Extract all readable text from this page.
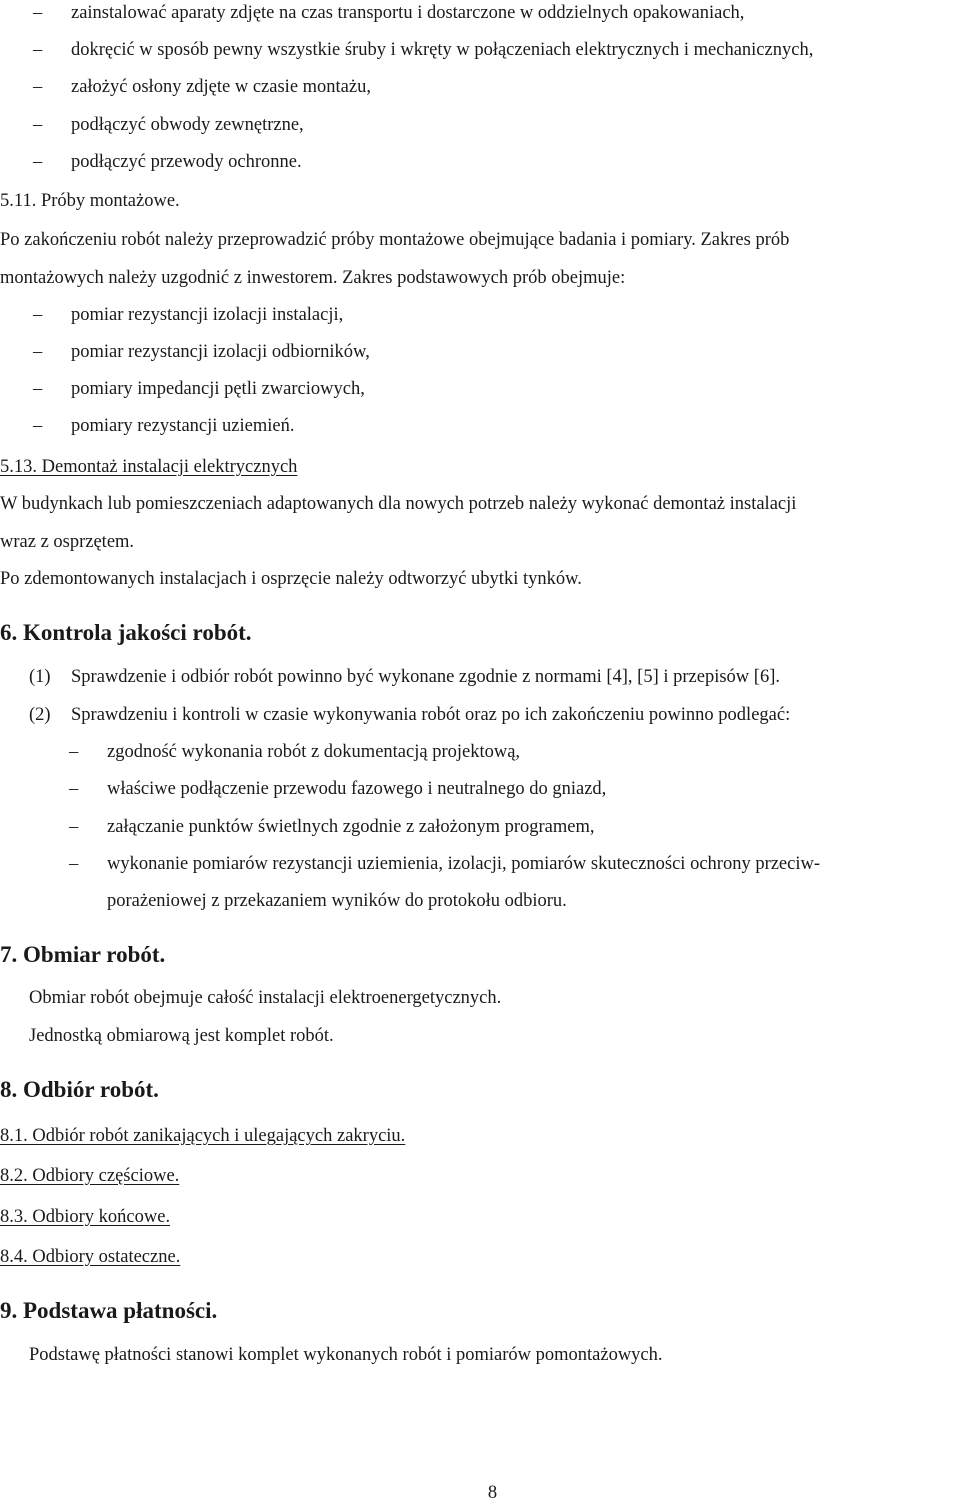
– zainstalować aparaty zdjęte na czas transportu i dostarczone w oddzielnych opakowaniach,
– dokręcić w sposób pewny wszystkie śruby i wkręty w połączeniach elektrycznych i mechanicznych,
– założyć osłony zdjęte w czasie montażu,
– podłączyć obwody zewnętrzne,
– podłączyć przewody ochronne.
5.11. Próby montażowe.
Po zakończeniu robót należy przeprowadzić próby montażowe obejmujące badania i pomiary. Zakres prób
montażowych należy uzgodnić z inwestorem. Zakres podstawowych prób obejmuje:
– pomiar rezystancji izolacji instalacji,
– pomiar rezystancji izolacji odbiorników,
– pomiary impedancji pętli zwarciowych,
– pomiary rezystancji uziemień.
5.13. Demontaż instalacji elektrycznych
W budynkach lub pomieszczeniach adaptowanych dla nowych potrzeb należy wykonać demontaż instalacji
wraz z osprzętem.
Po zdemontowanych instalacjach i osprzęcie należy odtworzyć ubytki tynków.
6. Kontrola jakości robót.
(1) Sprawdzenie i odbiór robót powinno być wykonane zgodnie z normami [4], [5] i przepisów [6].
(2) Sprawdzeniu i kontroli w czasie wykonywania robót oraz po ich zakończeniu powinno podlegać:
– zgodność wykonania robót z dokumentacją projektową,
– właściwe podłączenie przewodu fazowego i neutralnego do gniazd,
– załączanie punktów świetlnych zgodnie z założonym programem,
– wykonanie pomiarów rezystancji uziemienia, izolacji, pomiarów skuteczności ochrony przeciw-
porażeniowej z przekazaniem wyników do protokołu odbioru.
7. Obmiar robót.
Obmiar robót obejmuje całość instalacji elektroenergetycznych.
Jednostką obmiarową jest komplet robót.
8. Odbiór robót.
8.1. Odbiór robót zanikających i ulegających zakryciu.
8.2. Odbiory częściowe.
8.3. Odbiory końcowe.
8.4. Odbiory ostateczne.
9. Podstawa płatności.
Podstawę płatności stanowi komplet wykonanych robót i pomiarów pomontażowych.
8
